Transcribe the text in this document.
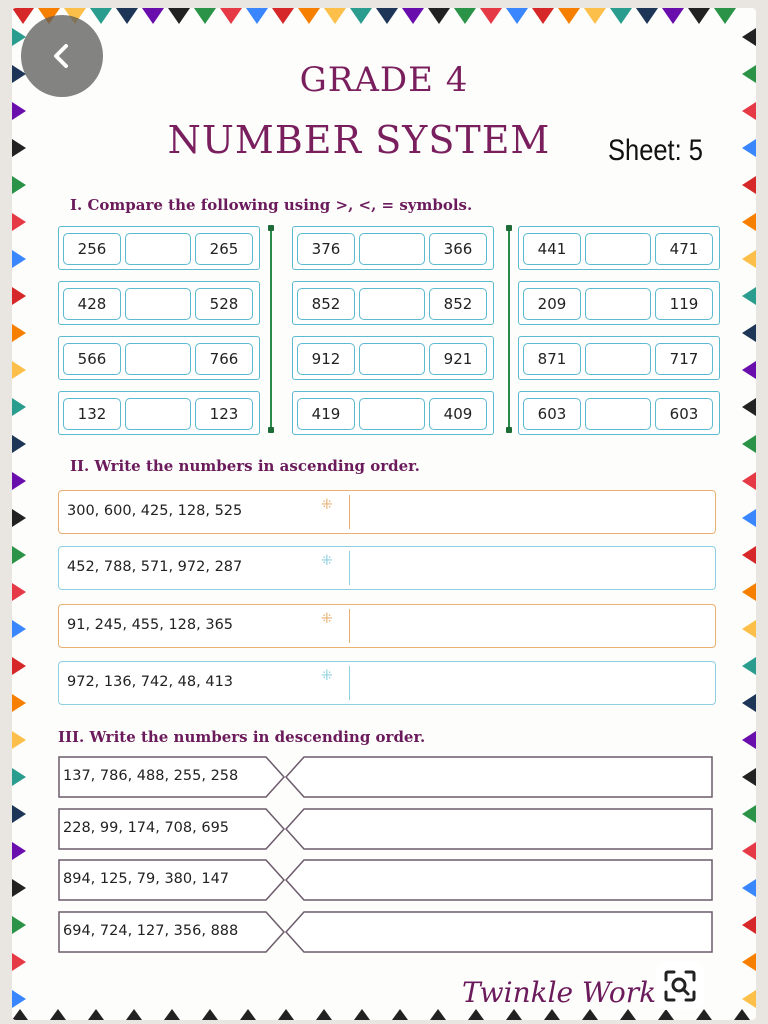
GRADE 4
NUMBER SYSTEM	Sheet: 5
I. Compare the following using >, <, = symbols.
256	265
428	528
566	766
132	123
376	366
852	852
912	921
419	409
441	471
209	119
871	717
603	603
II. Write the numbers in ascending order.
300, 600, 425, 128, 525	⁜
452, 788, 571, 972, 287	⁜
91, 245, 455, 128, 365	⁜
972, 136, 742, 48, 413	⁜
III. Write the numbers in descending order.
137, 786, 488, 255, 258
228, 99, 174, 708, 695
894, 125, 79, 380, 147
694, 724, 127, 356, 888
Twinkle Work
